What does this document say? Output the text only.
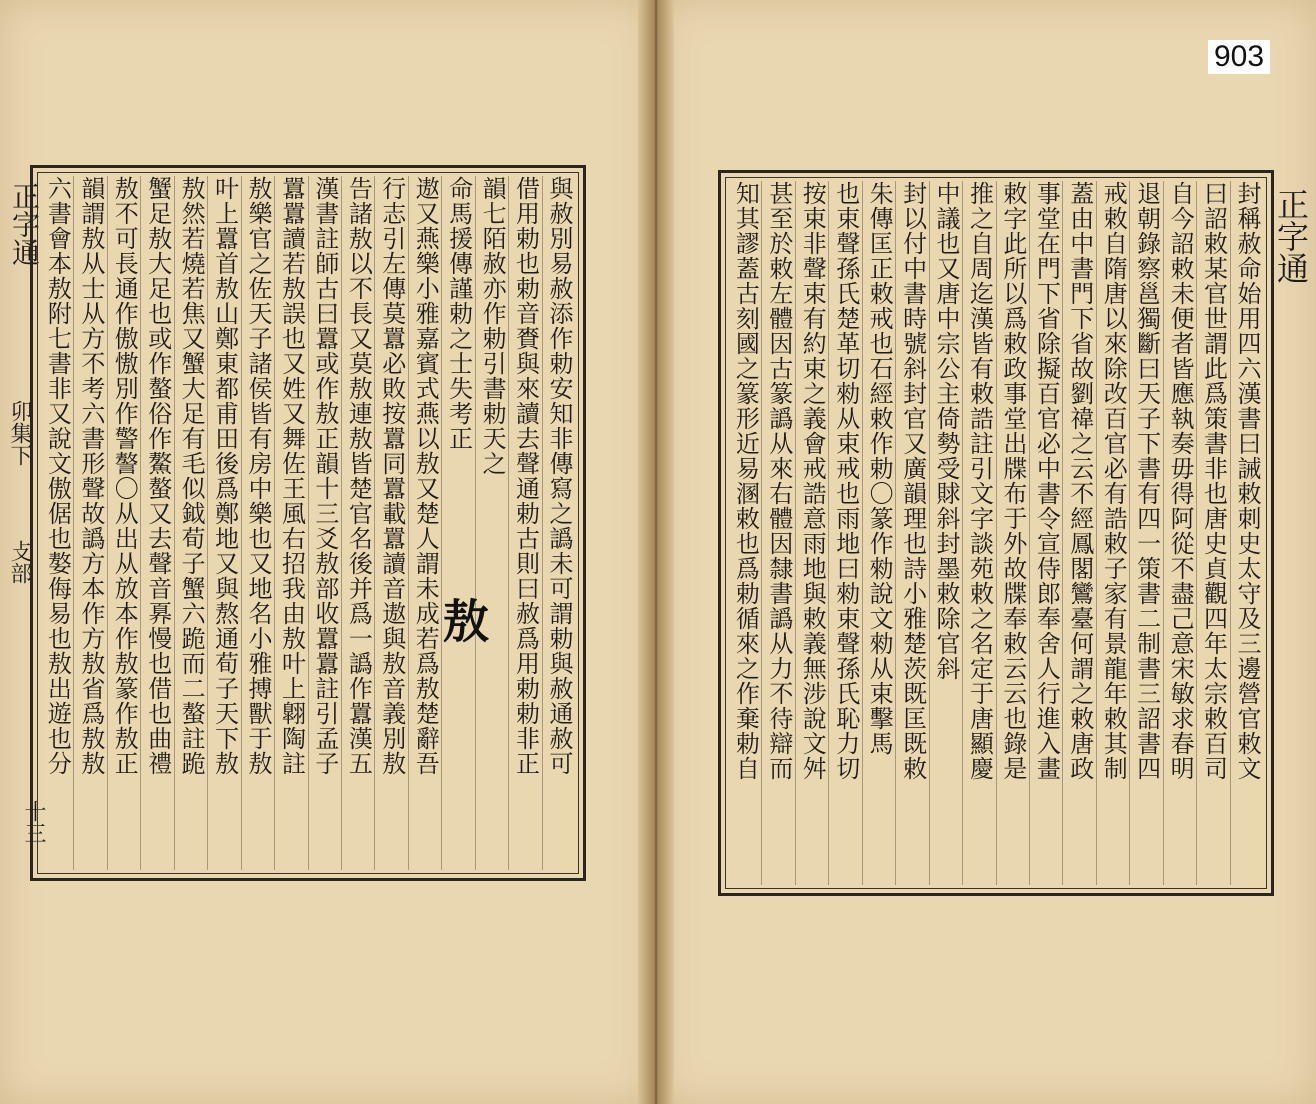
正字通
卯集下
攴部
十三
與赦別易赦添作勅安知非傳寫之譌未可謂勅與赦通赦可
借用勅也勅音賚與來讀去聲通勅古則曰赦爲用勅勅非正
韻七陌赦亦作勅引書勅天之
命馬援傳謹勅之士失考正
遨又燕樂小雅嘉賓式燕以敖又楚人謂未成若爲敖楚辭吾
行志引左傳莫囂必敗按囂同囂載囂讀音遨與敖音義別敖
告諸敖以不長又莫敖連敖皆楚官名後并爲一譌作囂漢五
漢書註師古曰囂或作敖正韻十三爻敖部收囂囂註引孟子
囂囂讀若敖誤也又姓又舞佐王風右招我由敖叶上翺陶註
敖樂官之佐天子諸侯皆有房中樂也又地名小雅搏獸于敖
叶上囂首敖山鄭東都甫田後爲鄭地又與熬通荀子天下敖
敖然若燒若焦又蟹大足有毛似鉞荀子蟹六跪而二螯註跪
蟹足敖大足也或作螯俗作鰲螯又去聲音奡慢也借也曲禮
敖不可長通作傲慠別作警謷〇从出从放本作敖篆作敖正
韻謂敖从士从方不考六書形聲故譌方本作方敖省爲敖敖
六書會本敖附七書非又說文傲倨也嫯侮易也敖出遊也分	敖	封稱赦命始用四六漢書曰誡敕刺史太守及三邊營官敕文
曰詔敕某官世謂此爲策書非也唐史貞觀四年太宗敕百司
自今詔敕未便者皆應執奏毋得阿從不盡己意宋敏求春明
退朝錄察邕獨斷曰天子下書有四一策書二制書三詔書四
戒敕自隋唐以來除改百官必有誥敕子家有景龍年敕其制
蓋由中書門下省故劉禕之云不經鳳閣鸞臺何謂之敕唐政
事堂在門下省除擬百官必中書令宣侍郎奉舍人行進入畫
敕字此所以爲敕政事堂出牒布于外故牒奉敕云云也錄是
推之自周迄漢皆有敕誥註引文字談苑敕之名定于唐顯慶
中議也又唐中宗公主倚勢受賕斜封墨敕除官斜
封以付中書時號斜封官又廣韻理也詩小雅楚茨既匡既敕
朱傳匡正敕戒也石經敕作勅〇篆作勑說文勑从束擊馬
也束聲孫氏楚革切勑从束戒也雨地曰勑束聲孫氏恥力切
按束非聲束有約束之義會戒誥意雨地與敕義無涉說文舛
甚至於敕左體因古篆譌从來右體因隸書譌从力不待辯而
知其謬蓋古刻國之篆形近易溷敕也爲勅循來之作棄勅自	正字通
903
